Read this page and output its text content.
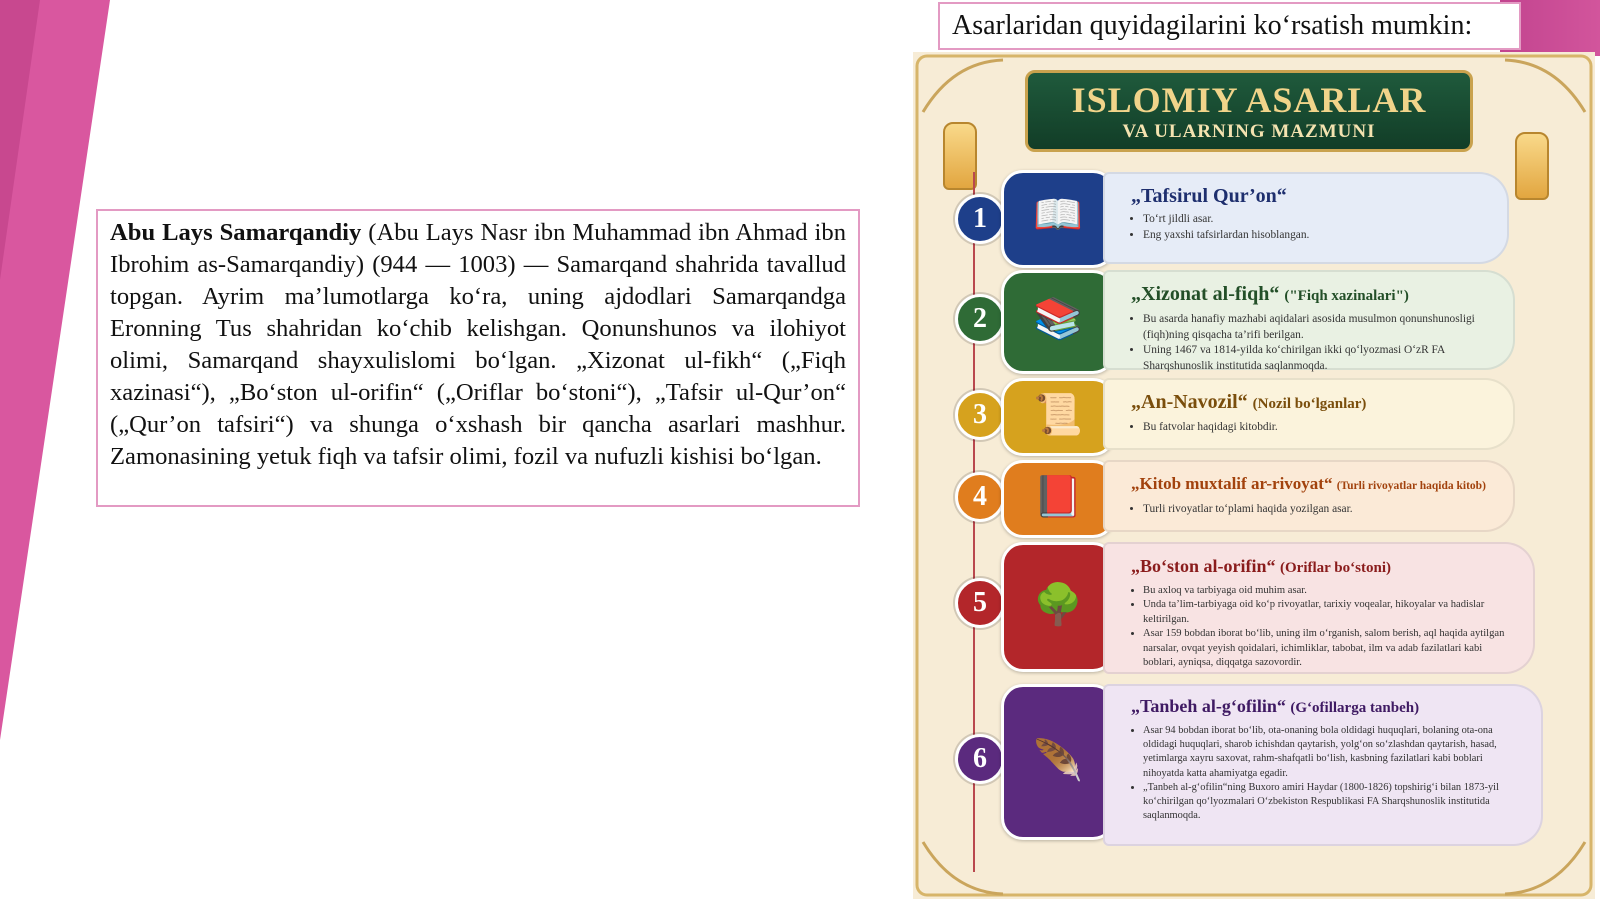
Asarlaridan quyidagilarini ko‘rsatish mumkin:

Abu Lays Samarqandiy (Abu Lays Nasr ibn Muhammad ibn Ahmad ibn Ibrohim as-Samarqandiy) (944 — 1003) — Samarqand shahrida tavallud topgan. Ayrim ma’lumotlarga ko‘ra, uning ajdodlari Samarqandga Eronning Tus shahridan ko‘chib kelishgan. Qonunshunos va ilohiyot olimi, Samarqand shayxulislomi bo‘lgan. „Xizonat ul-fikh“ („Fiqh xazinasi“), „Bo‘ston ul-orifin“ („Oriflar bo‘stoni“), „Tafsir ul-Qur’on“ („Qur’on tafsiri“) va shunga o‘xshash bir qancha asarlari mashhur. Zamonasining yetuk fiqh va tafsir olimi, fozil va nufuzli kishisi bo‘lgan.

ISLOMIY ASARLAR
VA ULARNING MAZMUNI
1	📖	„Tafsirul Qur’on“
• To‘rt jildli asar.
• Eng yaxshi tafsirlardan hisoblangan.
2	📚
„Xizonat al-fiqh“ ("Fiqh xazinalari")
• Bu asarda hanafiy mazhabi aqidalari asosida musulmon qonunshunosligi (fiqh)ning qisqacha ta’rifi berilgan.
• Uning 1467 va 1814-yilda ko‘chirilgan ikki qo‘lyozmasi O‘zR FA Sharqshunoslik institutida saqlanmoqda.
3	📜	„An-Navozil“ (Nozil bo‘lganlar)
• Bu fatvolar haqidagi kitobdir.
4	📕	„Kitob muxtalif ar-rivoyat“ (Turli rivoyatlar haqida kitob)
• Turli rivoyatlar to‘plami haqida yozilgan asar.
5	🌳
„Bo‘ston al-orifin“ (Oriflar bo‘stoni)
• Bu axloq va tarbiyaga oid muhim asar.
• Unda ta’lim-tarbiyaga oid ko‘p rivoyatlar, tarixiy voqealar, hikoyalar va hadislar keltirilgan.
• Asar 159 bobdan iborat bo‘lib, uning ilm o‘rganish, salom berish, aql haqida aytilgan narsalar, ovqat yeyish qoidalari, ichimliklar, tabobat, ilm va adab fazilatlari kabi boblari, ayniqsa, diqqatga sazovordir.
6	🪶
„Tanbeh al-g‘ofilin“ (G‘ofillarga tanbeh)
• Asar 94 bobdan iborat bo‘lib, ota-onaning bola oldidagi huquqlari, bolaning ota-ona oldidagi huquqlari, sharob ichishdan qaytarish, yolg‘on so‘zlashdan qaytarish, hasad, yetimlarga xayru saxovat, rahm-shafqatli bo‘lish, kasbning fazilatlari kabi boblari nihoyatda katta ahamiyatga egadir.
• „Tanbeh al-g‘ofilin“ning Buxoro amiri Haydar (1800-1826) topshirig‘i bilan 1873-yil ko‘chirilgan qo‘lyozmalari O‘zbekiston Respublikasi FA Sharqshunoslik institutida saqlanmoqda.
